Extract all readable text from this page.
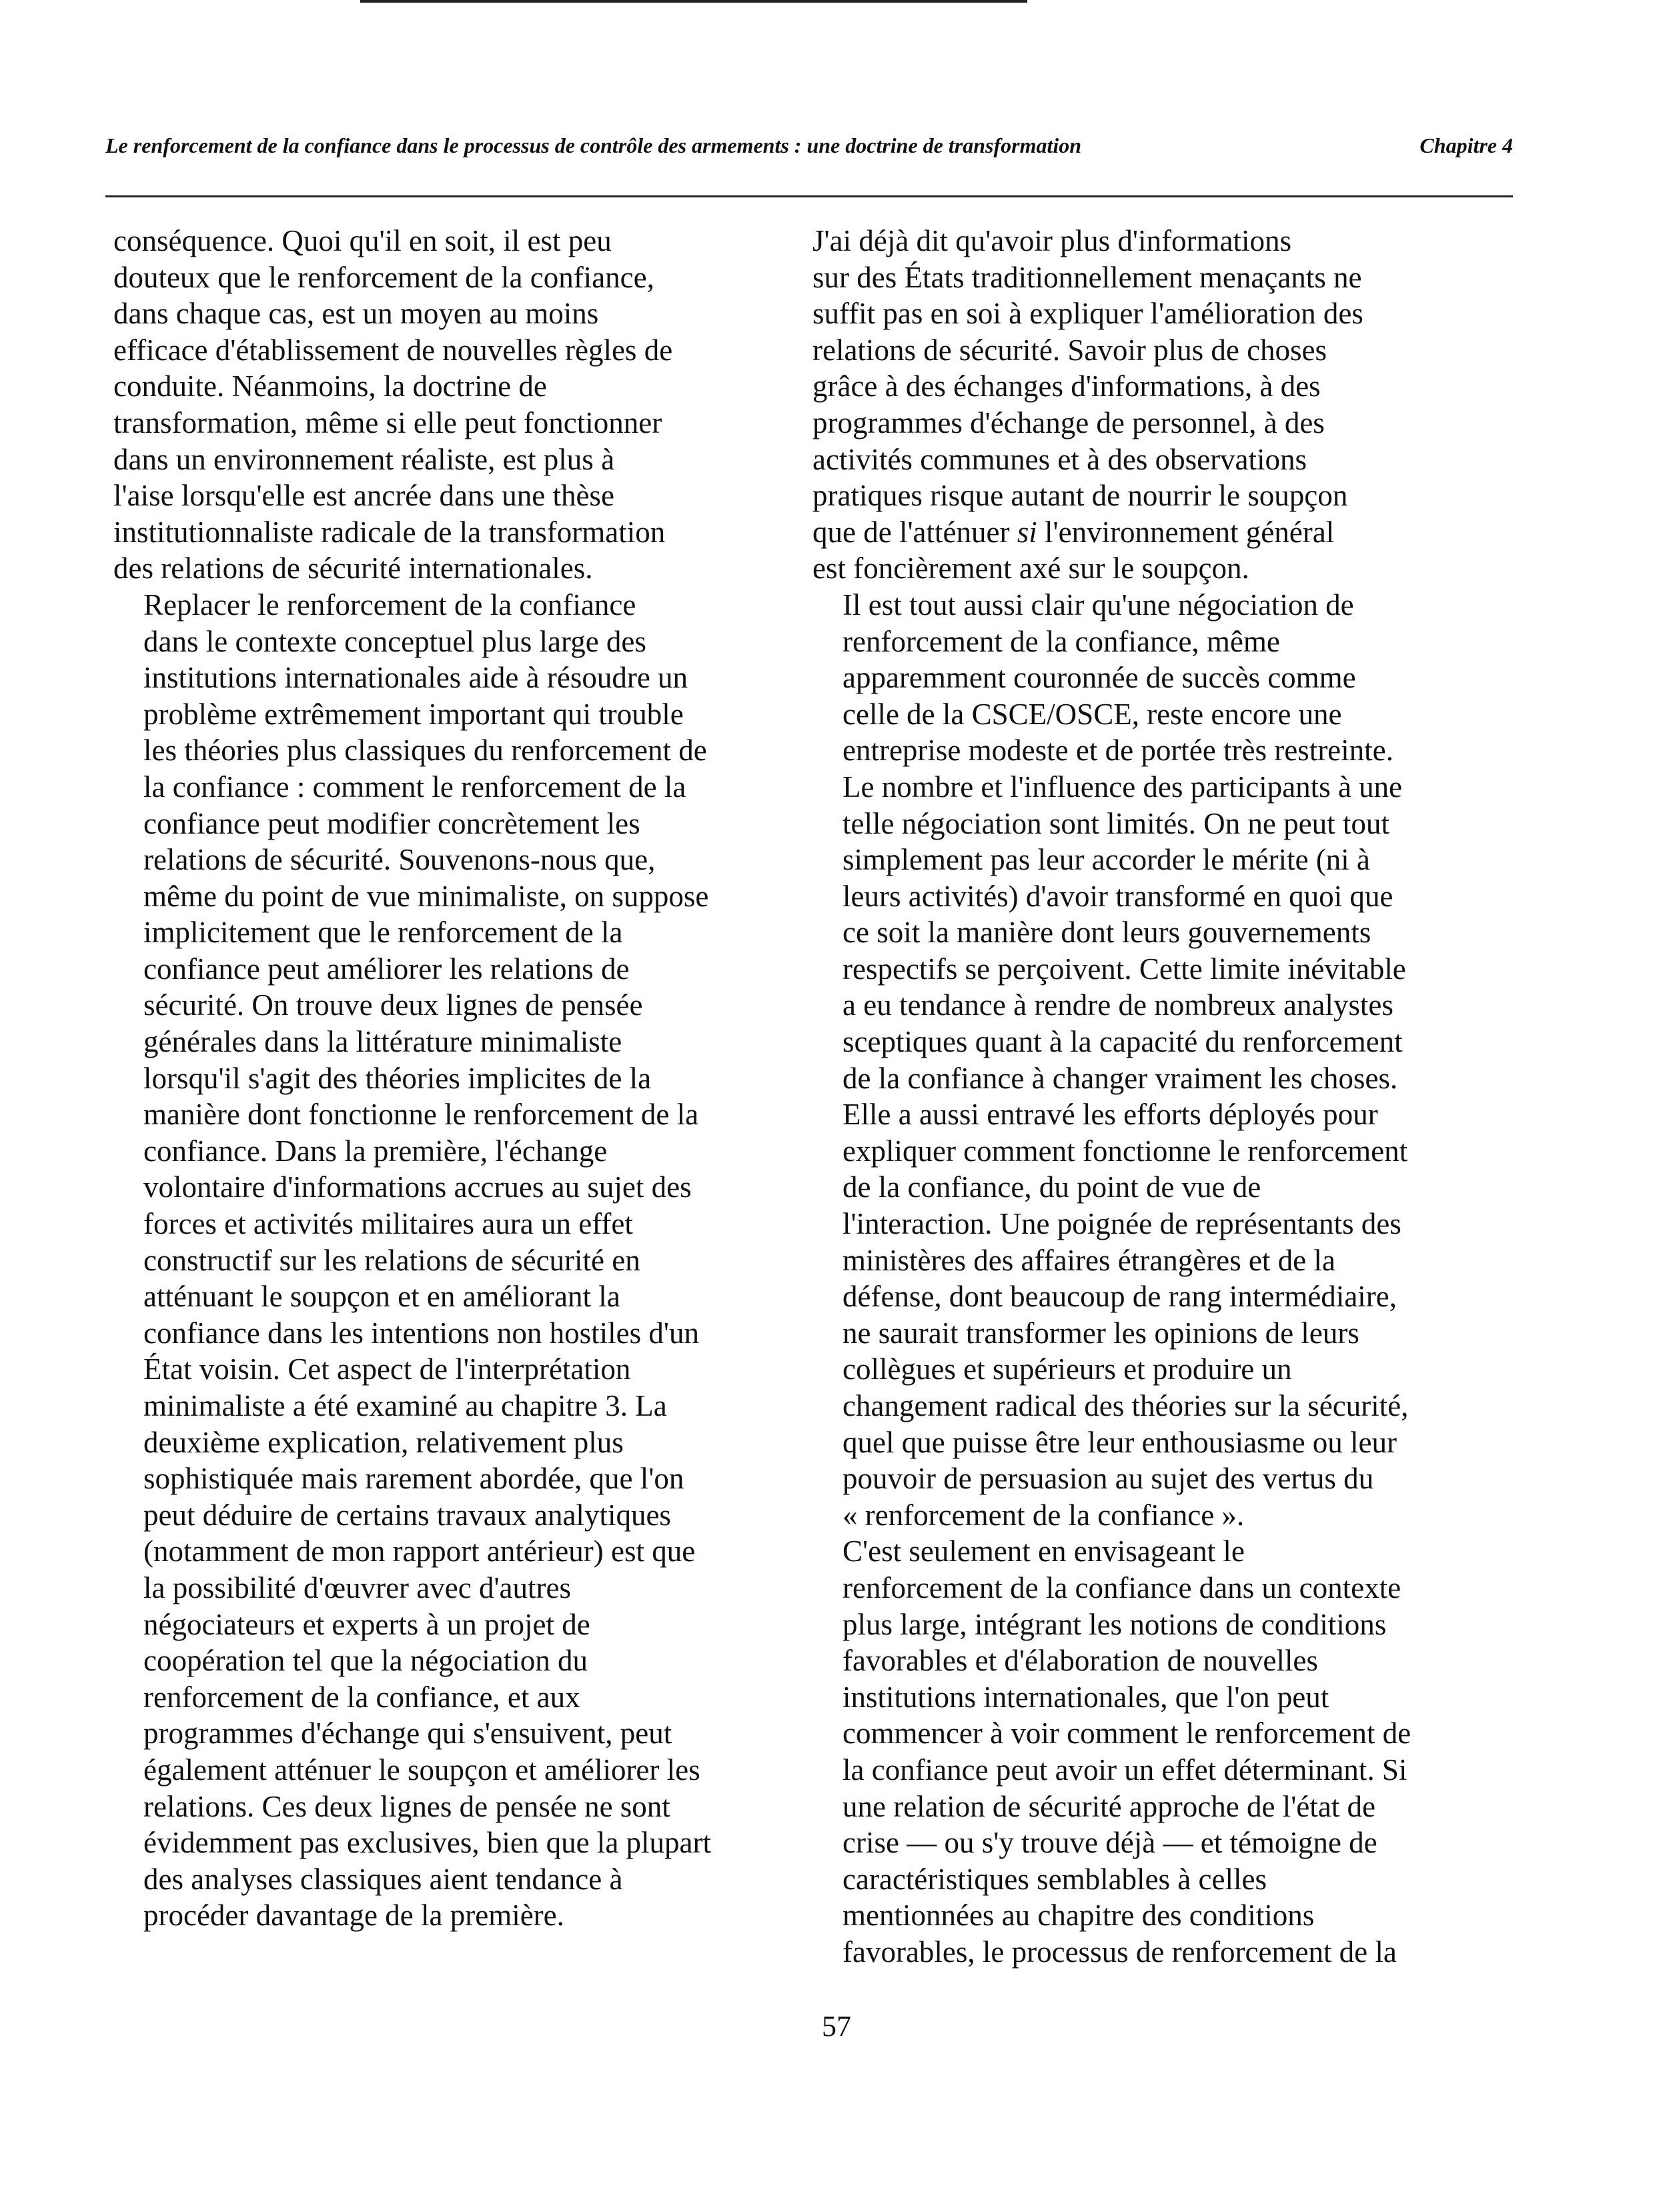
Le renforcement de la confiance dans le processus de contrôle des armements : une doctrine de transformation	Chapitre 4

conséquence. Quoi qu'il en soit, il est peu
douteux que le renforcement de la confiance,
dans chaque cas, est un moyen au moins
efficace d'établissement de nouvelles règles de
conduite. Néanmoins, la doctrine de
transformation, même si elle peut fonctionner
dans un environnement réaliste, est plus à
l'aise lorsqu'elle est ancrée dans une thèse
institutionnaliste radicale de la transformation
des relations de sécurité internationales.

Replacer le renforcement de la confiance
dans le contexte conceptuel plus large des
institutions internationales aide à résoudre un
problème extrêmement important qui trouble
les théories plus classiques du renforcement de
la confiance : comment le renforcement de la
confiance peut modifier concrètement les
relations de sécurité. Souvenons-nous que,
même du point de vue minimaliste, on suppose
implicitement que le renforcement de la
confiance peut améliorer les relations de
sécurité. On trouve deux lignes de pensée
générales dans la littérature minimaliste
lorsqu'il s'agit des théories implicites de la
manière dont fonctionne le renforcement de la
confiance. Dans la première, l'échange
volontaire d'informations accrues au sujet des
forces et activités militaires aura un effet
constructif sur les relations de sécurité en
atténuant le soupçon et en améliorant la
confiance dans les intentions non hostiles d'un
État voisin. Cet aspect de l'interprétation
minimaliste a été examiné au chapitre 3. La
deuxième explication, relativement plus
sophistiquée mais rarement abordée, que l'on
peut déduire de certains travaux analytiques
(notamment de mon rapport antérieur) est que
la possibilité d'œuvrer avec d'autres
négociateurs et experts à un projet de
coopération tel que la négociation du
renforcement de la confiance, et aux
programmes d'échange qui s'ensuivent, peut
également atténuer le soupçon et améliorer les
relations. Ces deux lignes de pensée ne sont
évidemment pas exclusives, bien que la plupart
des analyses classiques aient tendance à
procéder davantage de la première.

J'ai déjà dit qu'avoir plus d'informations
sur des États traditionnellement menaçants ne
suffit pas en soi à expliquer l'amélioration des
relations de sécurité. Savoir plus de choses
grâce à des échanges d'informations, à des
programmes d'échange de personnel, à des
activités communes et à des observations
pratiques risque autant de nourrir le soupçon
que de l'atténuer si l'environnement général
est foncièrement axé sur le soupçon.

Il est tout aussi clair qu'une négociation de
renforcement de la confiance, même
apparemment couronnée de succès comme
celle de la CSCE/OSCE, reste encore une
entreprise modeste et de portée très restreinte.
Le nombre et l'influence des participants à une
telle négociation sont limités. On ne peut tout
simplement pas leur accorder le mérite (ni à
leurs activités) d'avoir transformé en quoi que
ce soit la manière dont leurs gouvernements
respectifs se perçoivent. Cette limite inévitable
a eu tendance à rendre de nombreux analystes
sceptiques quant à la capacité du renforcement
de la confiance à changer vraiment les choses.
Elle a aussi entravé les efforts déployés pour
expliquer comment fonctionne le renforcement
de la confiance, du point de vue de
l'interaction. Une poignée de représentants des
ministères des affaires étrangères et de la
défense, dont beaucoup de rang intermédiaire,
ne saurait transformer les opinions de leurs
collègues et supérieurs et produire un
changement radical des théories sur la sécurité,
quel que puisse être leur enthousiasme ou leur
pouvoir de persuasion au sujet des vertus du
« renforcement de la confiance ».

C'est seulement en envisageant le
renforcement de la confiance dans un contexte
plus large, intégrant les notions de conditions
favorables et d'élaboration de nouvelles
institutions internationales, que l'on peut
commencer à voir comment le renforcement de
la confiance peut avoir un effet déterminant. Si
une relation de sécurité approche de l'état de
crise — ou s'y trouve déjà — et témoigne de
caractéristiques semblables à celles
mentionnées au chapitre des conditions
favorables, le processus de renforcement de la

57
